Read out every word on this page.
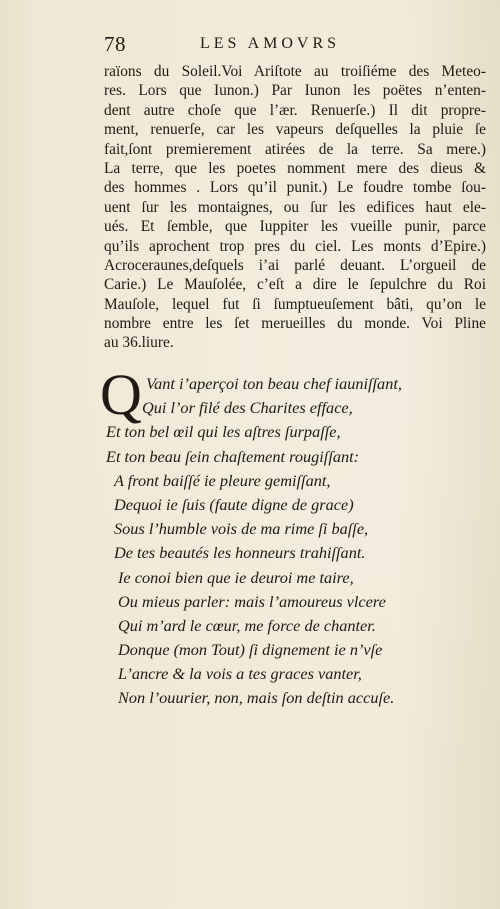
78	LES AMOVRS
raïons du Soleil.Voi Ariſtote au troiſiéme des Meteo-
res. Lors que Iunon.) Par Iunon les poëtes n’enten-
dent autre choſe que l’ær. Renuerſe.) Il dit propre-
ment, renuerſe, car les vapeurs deſquelles la pluie ſe
fait,ſont premierement atirées de la terre. Sa mere.)
La terre, que les poetes nomment mere des dieus &
des hommes . Lors qu’il punit.) Le foudre tombe ſou-
uent ſur les montaignes, ou ſur les edifices haut ele-
ués. Et ſemble, que Iuppiter les vueille punir, parce
qu’ils aprochent trop pres du ciel. Les monts d’Epire.)
Acroceraunes,deſquels i’ai parlé deuant. L’orgueil de
Carie.) Le Mauſolée, c’eſt a dire le ſepulchre du Roi
Mauſole, lequel fut ſi ſumptueuſement bâti, qu’on le
nombre entre les ſet merueilles du monde. Voi Pline
au 36.liure.
Q Vant i’aperçoi ton beau chef iauniſſant,
Qui l’or filé des Charites efface,
Et ton bel œil qui les aſtres ſurpaſſe,
Et ton beau ſein chaſtement rougiſſant:
A front baiſſé ie pleure gemiſſant,
Dequoi ie ſuis (faute digne de grace)
Sous l’humble vois de ma rime ſi baſſe,
De tes beautés les honneurs trahiſſant.
Ie conoi bien que ie deuroi me taire,
Ou mieus parler: mais l’amoureus vlcere
Qui m’ard le cœur, me force de chanter.
Donque (mon Tout) ſi dignement ie n’vſe
L’ancre & la vois a tes graces vanter,
Non l’ouurier, non, mais ſon deſtin accuſe.
